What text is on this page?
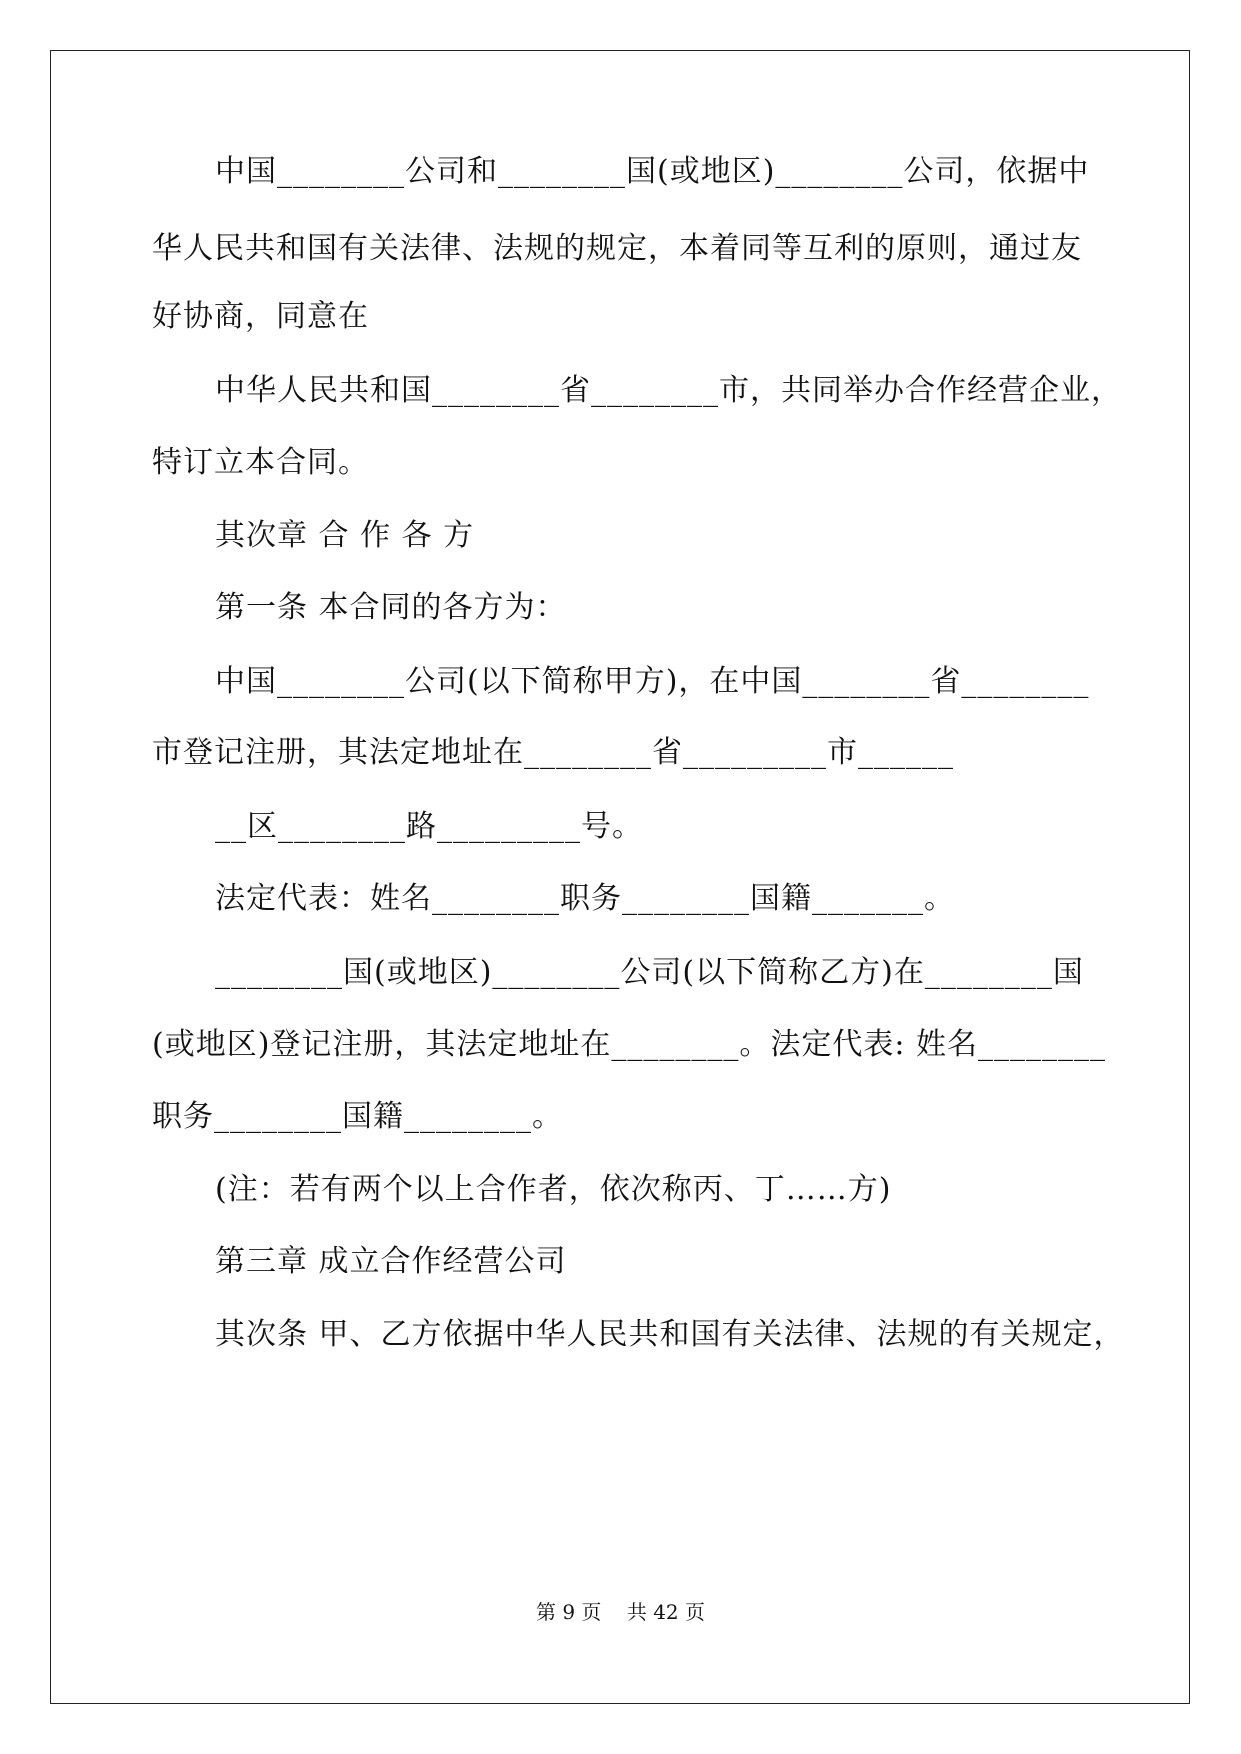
中国________公司和________国(或地区)________公司，依据中
华人民共和国有关法律、法规的规定，本着同等互利的原则，通过友
好协商，同意在
中华人民共和国________省________市，共同举办合作经营企业，
特订立本合同。
其次章 合 作 各 方
第一条 本合同的各方为：
中国________公司(以下简称甲方)，在中国________省________
市登记注册，其法定地址在________省_________市______
__区________路_________号。
法定代表：姓名________职务________国籍_______。
________国(或地区)________公司(以下简称乙方)在________国
(或地区)登记注册，其法定地址在________。法定代表: 姓名________
职务________国籍________。
(注：若有两个以上合作者，依次称丙、丁……方)
第三章 成立合作经营公司
其次条 甲、乙方依据中华人民共和国有关法律、法规的有关规定，
第 9 页    共 42 页
